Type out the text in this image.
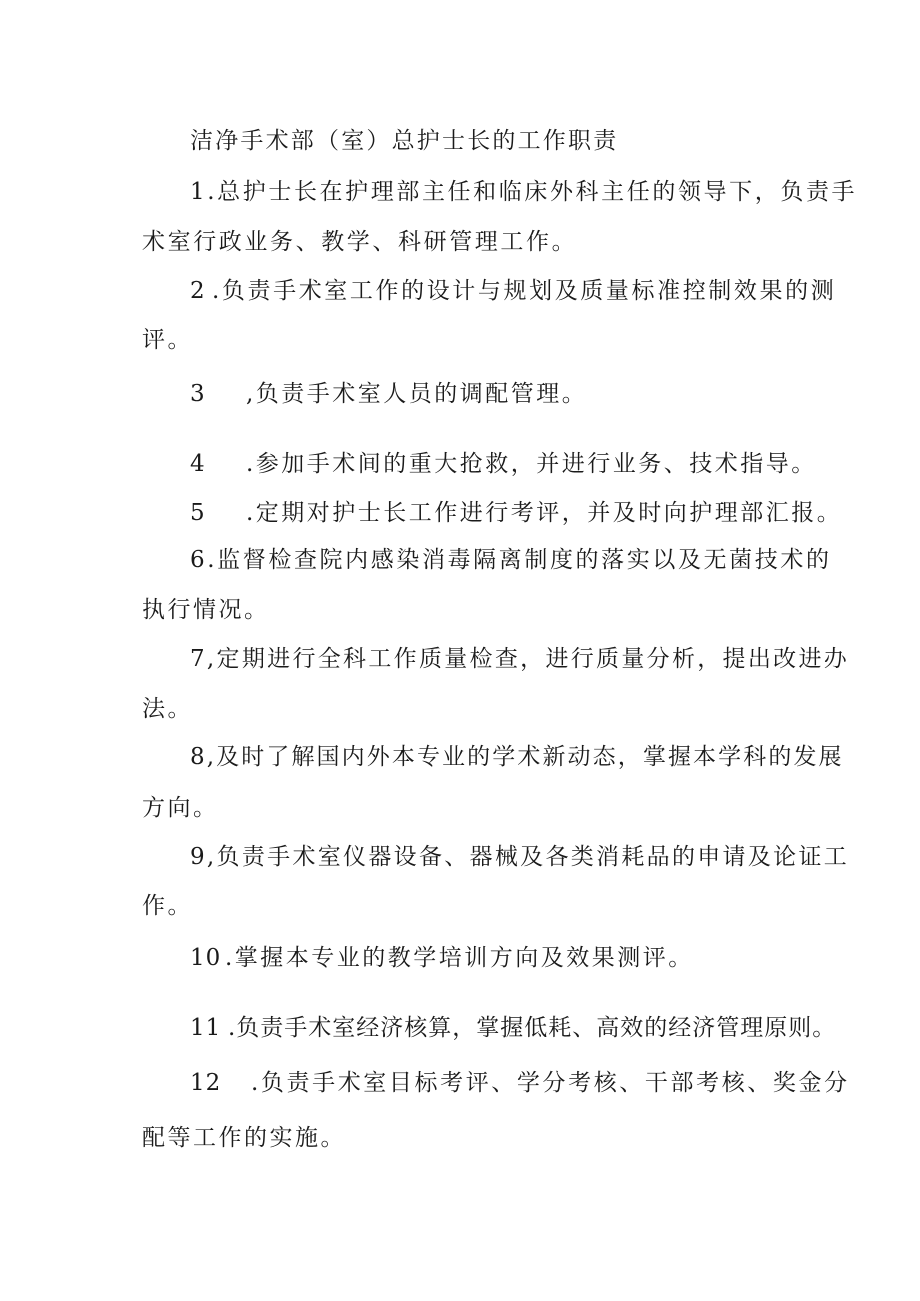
洁净手术部（室）总护士长的工作职责
1.总护士长在护理部主任和临床外科主任的领导下，负责手
术室行政业务、教学、科研管理工作。
2 .负责手术室工作的设计与规划及质量标准控制效果的测
评。
3 ,负责手术室人员的调配管理。
4 .参加手术间的重大抢救，并进行业务、技术指导。
5 .定期对护士长工作进行考评，并及时向护理部汇报。
6.监督检查院内感染消毒隔离制度的落实以及无菌技术的
执行情况。
7,定期进行全科工作质量检查，进行质量分析，提出改进办
法。
8,及时了解国内外本专业的学术新动态，掌握本学科的发展
方向。
9,负责手术室仪器设备、器械及各类消耗品的申请及论证工
作。
10 .掌握本专业的教学培训方向及效果测评。
11 .负责手术室经济核算，掌握低耗、高效的经济管理原则。
12 .负责手术室目标考评、学分考核、干部考核、奖金分
配等工作的实施。
